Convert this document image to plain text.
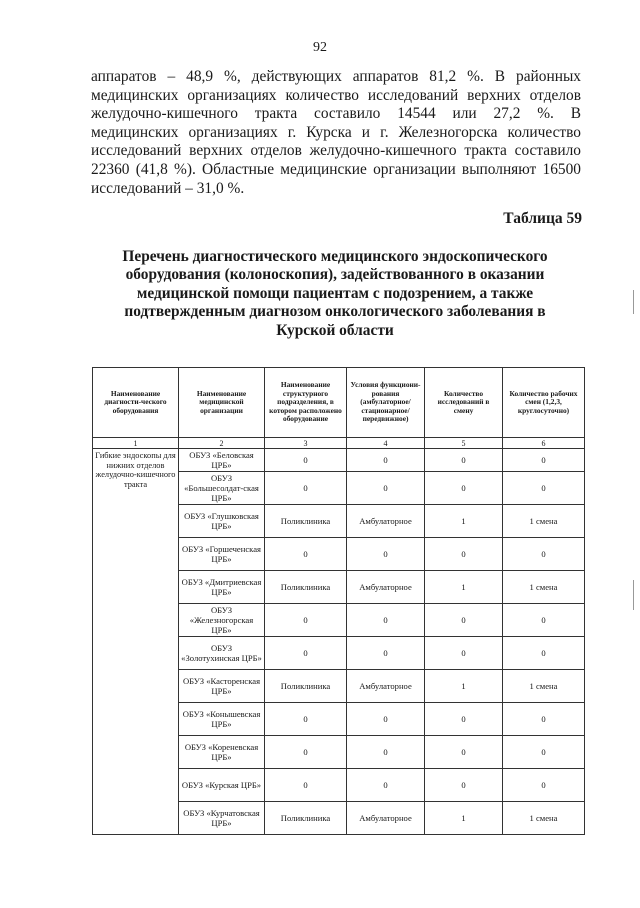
92

аппаратов – 48,9 %, действующих аппаратов 81,2 %. В районных медицинских организациях количество исследований верхних отделов желудочно-кишечного тракта составило 14544 или 27,2 %. В медицинских организациях г. Курска и г. Железногорска количество исследований верхних отделов желудочно-кишечного тракта составило 22360 (41,8 %). Областные медицинские организации выполняют 16500 исследований – 31,0 %.

Таблица 59

Перечень диагностического медицинского эндоскопического оборудования (колоноскопия), задействованного в оказании медицинской помощи пациентам с подозрением, а также подтвержденным диагнозом онкологического заболевания в Курской области

Наименование диагности-ческого оборудования	Наименование медицинской организации	Наименование структурного подразделения, в котором расположено оборудование	Условия функциони-рования (амбулаторное/ стационарное/ передвижное)	Количество исследований в смену	Количество рабочих смен (1,2,3, круглосуточно)
1	2	3	4	5	6
Гибкие эндоскопы для нижних отделов желудочно-кишечного тракта	ОБУЗ «Беловская ЦРБ»	0	0	0	0
	ОБУЗ «Большесолдат-ская ЦРБ»	0	0	0	0
	ОБУЗ «Глушковская ЦРБ»	Поликлиника	Амбулаторное	1	1 смена
	ОБУЗ «Горшеченская ЦРБ»	0	0	0	0
	ОБУЗ «Дмитриевская ЦРБ»	Поликлиника	Амбулаторное	1	1 смена
	ОБУЗ «Железногорская ЦРБ»	0	0	0	0
	ОБУЗ «Золотухинская ЦРБ»	0	0	0	0
	ОБУЗ «Касторенская ЦРБ»	Поликлиника	Амбулаторное	1	1 смена
	ОБУЗ «Конышевская ЦРБ»	0	0	0	0
	ОБУЗ «Кореневская ЦРБ»	0	0	0	0
	ОБУЗ «Курская ЦРБ»	0	0	0	0
	ОБУЗ «Курчатовская ЦРБ»	Поликлиника	Амбулаторное	1	1 смена
